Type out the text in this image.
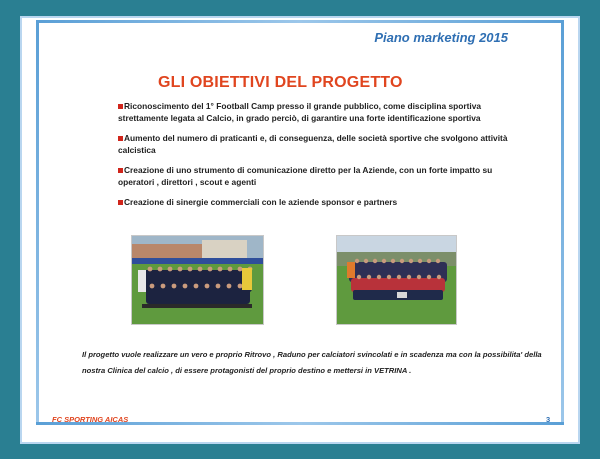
Piano marketing 2015
GLI OBIETTIVI DEL PROGETTO
Riconoscimento del 1° Football Camp presso il grande pubblico, come disciplina sportiva strettamente legata al Calcio, in grado perciò, di garantire una forte identificazione sportiva
Aumento del numero di praticanti e, di conseguenza, delle società sportive che svolgono attività calcistica
Creazione di uno strumento di comunicazione diretto per la Aziende, con un forte impatto su operatori , direttori , scout e agenti
Creazione di sinergie commerciali con le aziende sponsor e partners

Il progetto vuole realizzare un vero e proprio Ritrovo , Raduno per calciatori svincolati e in scadenza ma con la possibilita' della nostra Clinica del calcio , di essere protagonisti del proprio destino e mettersi in VETRINA .

FC SPORTING AICAS	3
